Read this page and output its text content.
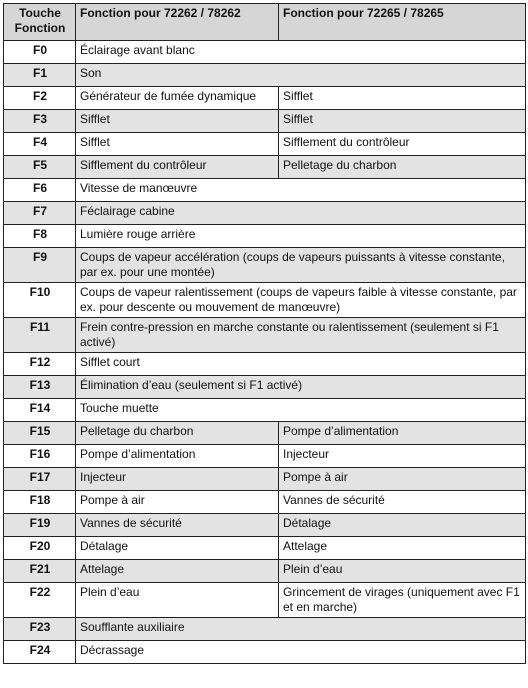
Touche Fonction	Fonction pour 72262 / 78262	Fonction pour 72265 / 78265
F0	Éclairage avant blanc	
F1	Son	
F2	Générateur de fumée dynamique	Sifflet
F3	Sifflet	Sifflet
F4	Sifflet	Sifflement du contrôleur
F5	Sifflement du contrôleur	Pelletage du charbon
F6	Vitesse de manœuvre	
F7	Féclairage cabine	
F8	Lumière rouge arrière	
F9	Coups de vapeur accélération (coups de vapeurs puissants à vitesse constante, par ex. pour une montée)	
F10	Coups de vapeur ralentissement (coups de vapeurs faible à vitesse constante, par ex. pour descente ou mouvement de manœuvre)	
F11	Frein contre-pression en marche constante ou ralentissement (seulement si F1 activé)	
F12	Sifflet court	
F13	Élimination d’eau (seulement si F1 activé)	
F14	Touche muette	
F15	Pelletage du charbon	Pompe d’alimentation
F16	Pompe d’alimentation	Injecteur
F17	Injecteur	Pompe à air
F18	Pompe à air	Vannes de sécurité
F19	Vannes de sécurité	Détalage
F20	Détalage	Attelage
F21	Attelage	Plein d’eau
F22	Plein d’eau	Grincement de virages (uniquement avec F1 et en marche)
F23	Soufflante auxiliaire	
F24	Décrassage	
